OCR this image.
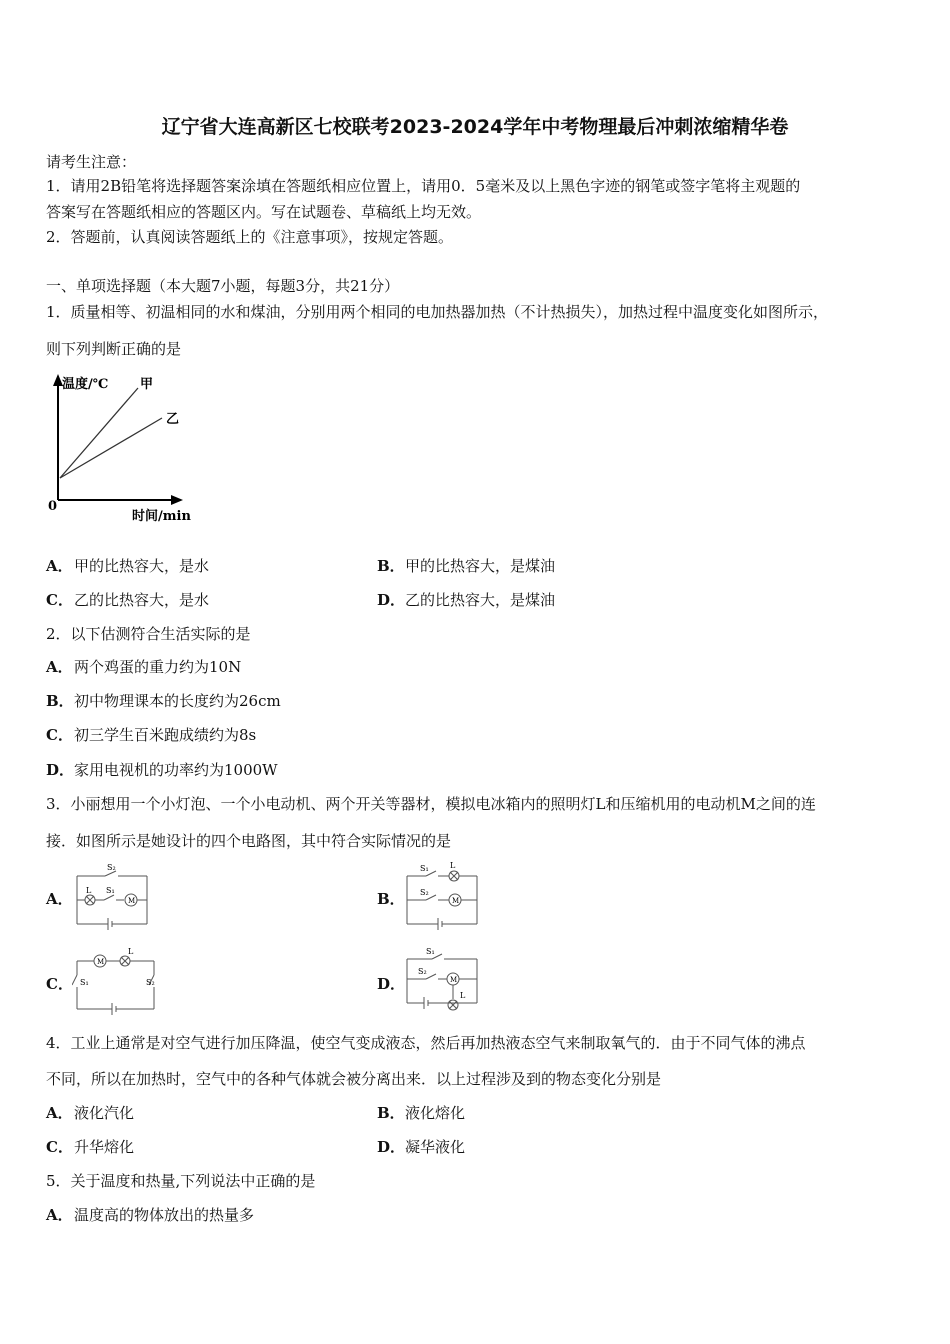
辽宁省大连高新区七校联考2023-2024学年中考物理最后冲刺浓缩精华卷
请考生注意：
1．请用2B铅笔将选择题答案涂填在答题纸相应位置上，请用0．5毫米及以上黑色字迹的钢笔或签字笔将主观题的
答案写在答题纸相应的答题区内。写在试题卷、草稿纸上均无效。
2．答题前，认真阅读答题纸上的《注意事项》，按规定答题。
一、单项选择题（本大题7小题，每题3分，共21分）
1．质量相等、初温相同的水和煤油，分别用两个相同的电加热器加热（不计热损失），加热过程中温度变化如图所示，
则下列判断正确的是
温度/℃ 甲
乙
0
时间/min
A．甲的比热容大，是水	B．甲的比热容大，是煤油
C．乙的比热容大，是水	D．乙的比热容大，是煤油
2．以下估测符合生活实际的是
A．两个鸡蛋的重力约为10N
B．初中物理课本的长度约为26cm
C．初三学生百米跑成绩约为8s
D．家用电视机的功率约为1000W
3．小丽想用一个小灯泡、一个小电动机、两个开关等器材，模拟电冰箱内的照明灯L和压缩机用的电动机M之间的连
接．如图所示是她设计的四个电路图，其中符合实际情况的是
A．
S₂
L S₁
M	B．
S₁	L
S₂
M
C．
M
L
S₁	S₂	D．
S₁
S₂
M
L
4．工业上通常是对空气进行加压降温，使空气变成液态，然后再加热液态空气来制取氧气的．由于不同气体的沸点
不同，所以在加热时，空气中的各种气体就会被分离出来．以上过程涉及到的物态变化分别是
A．液化汽化	B．液化熔化
C．升华熔化	D．凝华液化
5．关于温度和热量,下列说法中正确的是
A．温度高的物体放出的热量多
